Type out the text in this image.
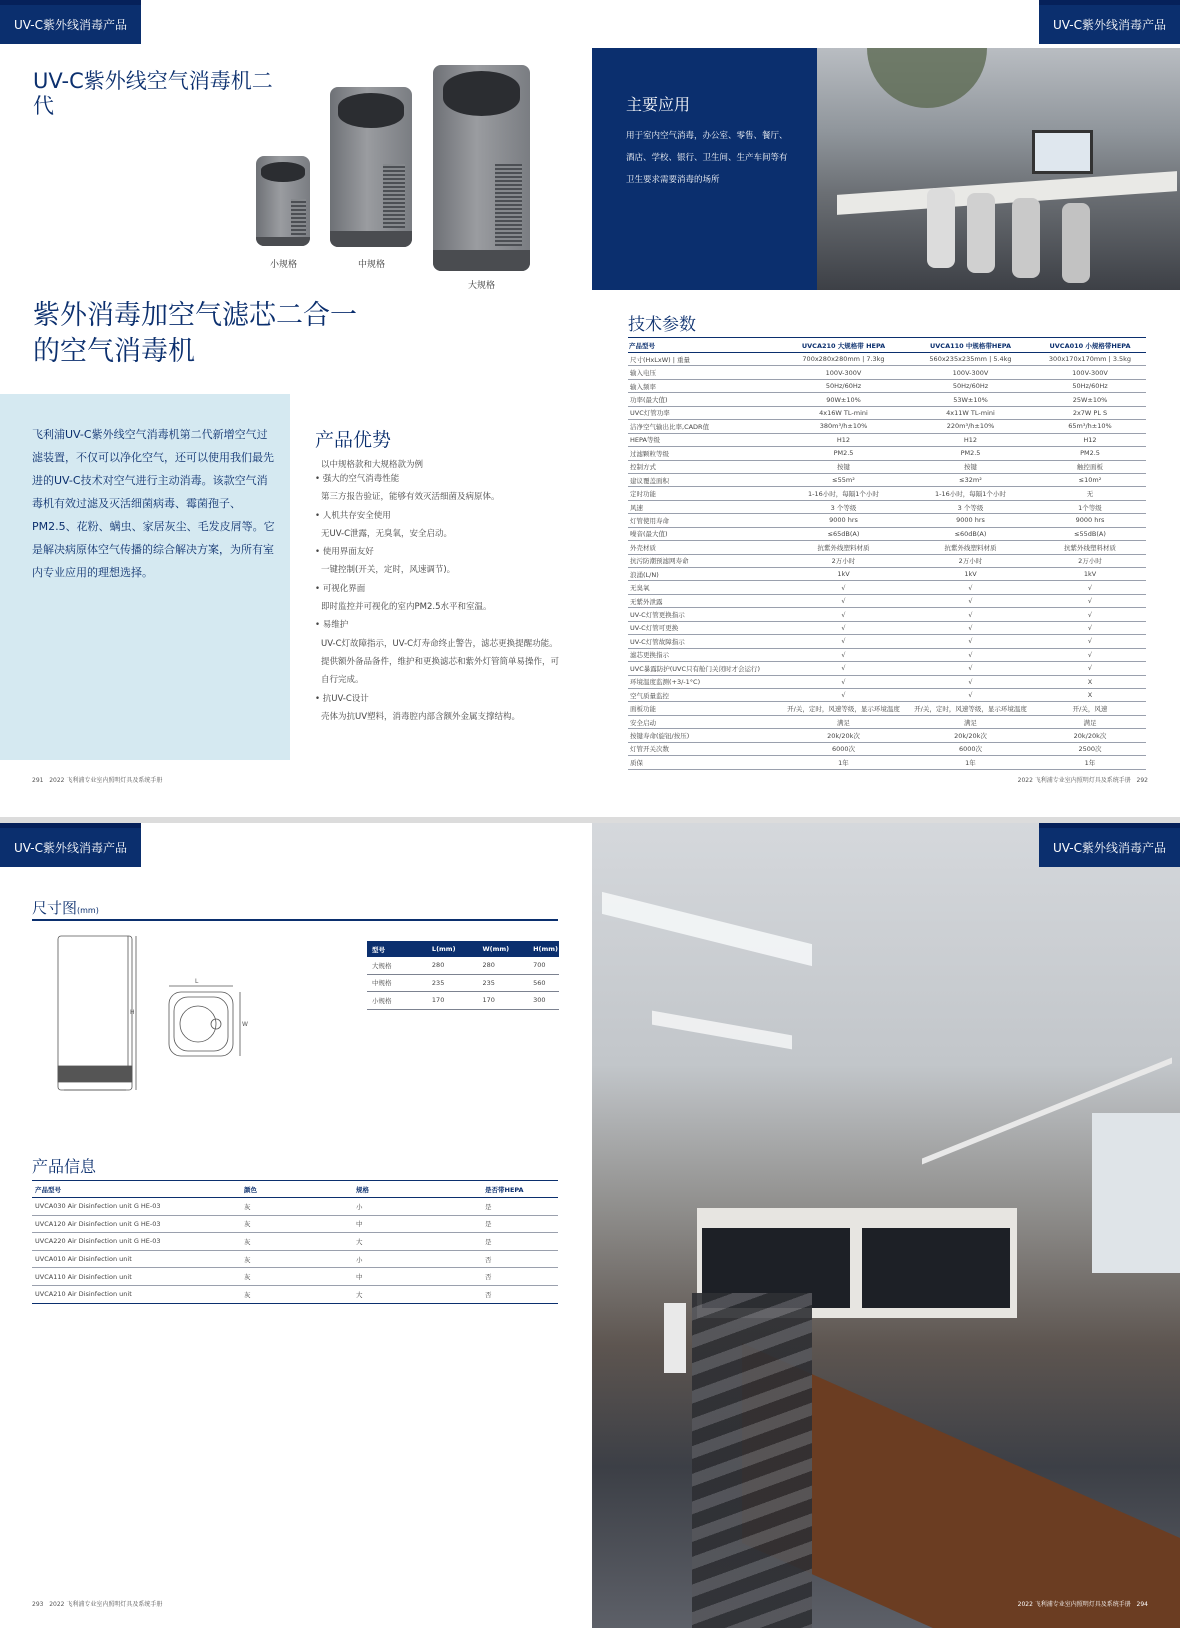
UV-C紫外线消毒产品
UV-C紫外线空气消毒机二代
小规格	中规格
大规格
紫外消毒加空气滤芯二合一的空气消毒机
飞利浦UV-C紫外线空气消毒机第二代新增空气过滤装置，不仅可以净化空气，还可以使用我们最先进的UV-C技术对空气进行主动消毒。该款空气消毒机有效过滤及灭活细菌病毒、霉菌孢子、PM2.5、花粉、螨虫、家居灰尘、毛发皮屑等。它是解决病原体空气传播的综合解决方案，为所有室内专业应用的理想选择。
产品优势
以中规格款和大规格款为例
• 强大的空气消毒性能
第三方报告验证，能够有效灭活细菌及病原体。
• 人机共存安全使用
无UV-C泄露，无臭氧，安全启动。
• 使用界面友好
一键控制(开关，定时，风速调节)。
• 可视化界面
即时监控并可视化的室内PM2.5水平和室温。
• 易维护
UV-C灯故障指示，UV-C灯寿命终止警告，滤芯更换提醒功能。提供额外备品备件，维护和更换滤芯和紫外灯管简单易操作，可自行完成。
• 抗UV-C设计
壳体为抗UV塑料，消毒腔内部含额外金属支撑结构。
291 2022 飞利浦专业室内照明灯具及系统手册
主要应用
用于室内空气消毒，办公室、零售、餐厅、酒店、学校、银行、卫生间、生产车间等有卫生要求需要消毒的场所
UV-C紫外线消毒产品
技术参数
产品型号	UVCA210 大规格带 HEPA	UVCA110 中规格带HEPA	UVCA010 小规格带HEPA
尺寸(HxLxW) | 重量	700x280x280mm | 7.3kg	560x235x235mm | 5.4kg	300x170x170mm | 3.5kg
输入电压	100V-300V	100V-300V	100V-300V
输入频率	50Hz/60Hz	50Hz/60Hz	50Hz/60Hz
功率(最大值)	90W±10%	53W±10%	25W±10%
UVC灯管功率	4x16W TL-mini	4x11W TL-mini	2x7W PL S
洁净空气输出比率,CADR值	380m³/h±10%	220m³/h±10%	65m³/h±10%
HEPA等级	H12	H12	H12
过滤颗粒等级	PM2.5	PM2.5	PM2.5
控制方式	按键	按键	触控面板
建议覆盖面积	≤55m²	≤32m²	≤10m²
定时功能	1-16小时，每隔1个小时	1-16小时，每隔1个小时	无
风速	3 个等级	3 个等级	1个等级
灯管使用寿命	9000 hrs	9000 hrs	9000 hrs
噪音(最大值)	≤65dB(A)	≤60dB(A)	≤55dB(A)
外壳材质	抗紫外线塑料材质	抗紫外线塑料材质	抗紫外线塑料材质
抗污防潮预滤网寿命	2万小时	2万小时	2万小时
浪涌(L/N)	1kV	1kV	1kV
无臭氧	√	√	√
无紫外泄露	√	√	√
UV-C灯管更换指示	√	√	√
UV-C灯管可更换	√	√	√
UV-C灯管故障指示	√	√	√
滤芯更换指示	√	√	√
UVC暴露防护(UVC只有舱门关闭时才会运行)	√	√	√
环境温度监测(+3/-1°C)	√	√	X
空气质量监控	√	√	X
面板功能	开/关，定时，风速等级，显示环境温度	开/关，定时，风速等级，显示环境温度	开/关，风速
安全启动	满足	满足	满足
按键寿命(旋钮/按压)	20k/20k次	20k/20k次	20k/20k次
灯管开关次数	6000次	6000次	2500次
质保	1年	1年	1年
2022 飞利浦专业室内照明灯具及系统手册 292
UV-C紫外线消毒产品
尺寸图(mm)
L
W
H
型号	L(mm)	W(mm)	H(mm)
大规格	280	280	700
中规格	235	235	560
小规格	170	170	300
产品信息
产品型号	颜色	规格	是否带HEPA
UVCA030 Air Disinfection unit G HE-03	灰	小	是
UVCA120 Air Disinfection unit G HE-03	灰	中	是
UVCA220 Air Disinfection unit G HE-03	灰	大	是
UVCA010 Air Disinfection unit	灰	小	否
UVCA110 Air Disinfection unit	灰	中	否
UVCA210 Air Disinfection unit	灰	大	否
293 2022 飞利浦专业室内照明灯具及系统手册
UV-C紫外线消毒产品
2022 飞利浦专业室内照明灯具及系统手册 294
